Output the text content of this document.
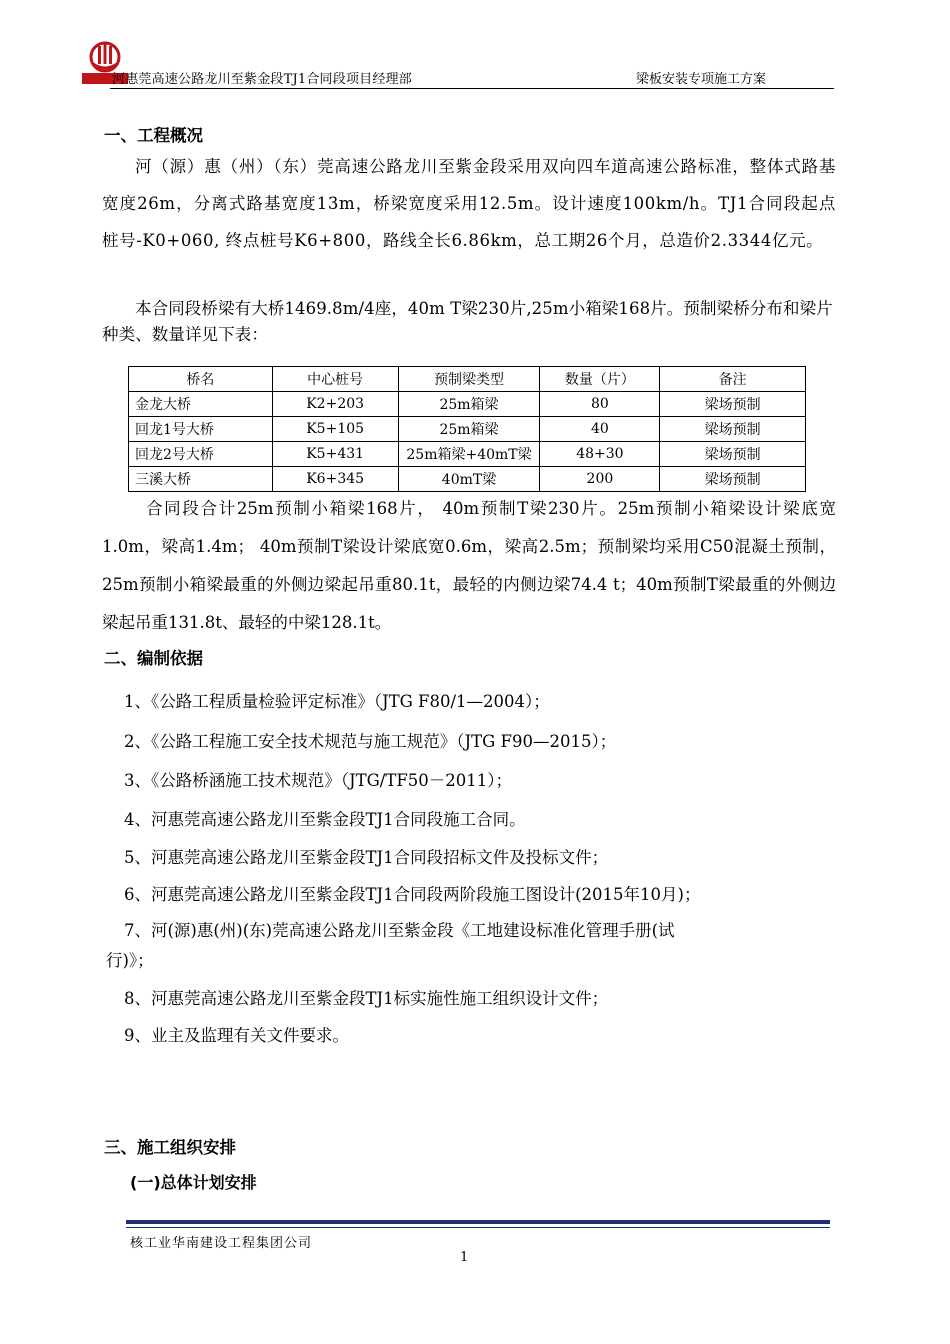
河惠莞高速公路龙川至紫金段TJ1合同段项目经理部	梁板安装专项施工方案
一、工程概况
河（源）惠（州）（东）莞高速公路龙川至紫金段采用双向四车道高速公路标准，整体式路基宽度26m，分离式路基宽度13m，桥梁宽度采用12.5m。设计速度100km/h。TJ1合同段起点桩号-K0+060, 终点桩号K6+800，路线全长6.86km，总工期26个月，总造价2.3344亿元。
本合同段桥梁有大桥1469.8m/4座，40m T梁230片,25m小箱梁168片。预制梁桥分布和梁片种类、数量详见下表：
桥名	中心桩号	预制梁类型	数量（片）	备注
金龙大桥	K2+203	25m箱梁	80	梁场预制
回龙1号大桥	K5+105	25m箱梁	40	梁场预制
回龙2号大桥	K5+431	25m箱梁+40mT梁	48+30	梁场预制
三溪大桥	K6+345	40mT梁	200	梁场预制
合同段合计25m预制小箱梁168片， 40m预制T梁230片。25m预制小箱梁设计梁底宽1.0m，梁高1.4m； 40m预制T梁设计梁底宽0.6m，梁高2.5m；预制梁均采用C50混凝土预制，25m预制小箱梁最重的外侧边梁起吊重80.1t，最轻的内侧边梁74.4 t；40m预制T梁最重的外侧边梁起吊重131.8t、最轻的中梁128.1t。
二、编制依据
1、《公路工程质量检验评定标准》（JTG F80/1—2004）；
2、《公路工程施工安全技术规范与施工规范》（JTG F90—2015）；
3、《公路桥涵施工技术规范》（JTG/TF50－2011）；
4、河惠莞高速公路龙川至紫金段TJ1合同段施工合同。
5、河惠莞高速公路龙川至紫金段TJ1合同段招标文件及投标文件；
6、河惠莞高速公路龙川至紫金段TJ1合同段两阶段施工图设计(2015年10月)；
7、河(源)惠(州)(东)莞高速公路龙川至紫金段《工地建设标准化管理手册(试
行)》；
8、河惠莞高速公路龙川至紫金段TJ1标实施性施工组织设计文件；
9、业主及监理有关文件要求。
三、施工组织安排
(一)总体计划安排
核工业华南建设工程集团公司
1
